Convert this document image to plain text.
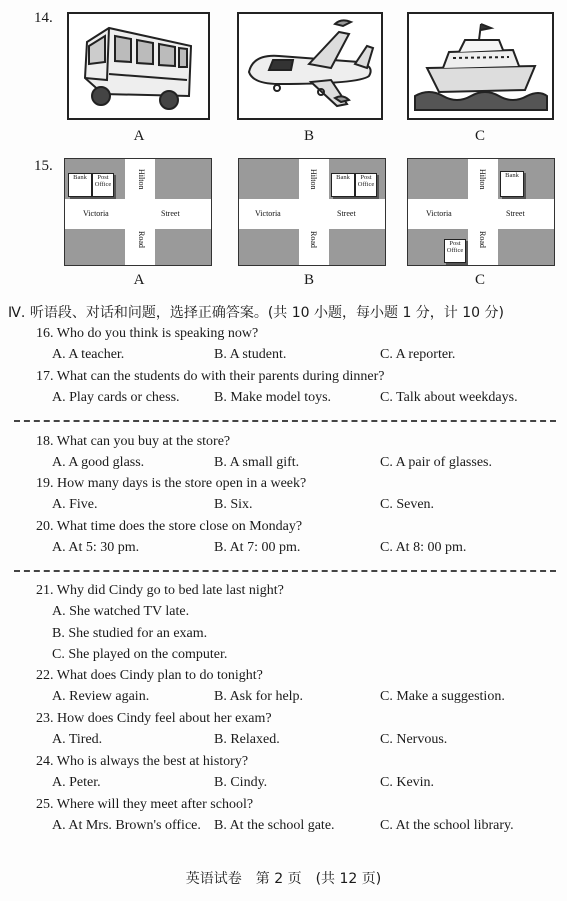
14.
A	B	C
15.
Victoria	Street
Hilton
Road
Bank	Post Office
A
Victoria	Street
Hilton
Road
Bank	Post Office
B
Victoria	Street
Hilton
Road
Bank
Post Office
C
Ⅳ. 听语段、对话和问题，选择正确答案。(共 10 小题，每小题 1 分，计 10 分)
16. Who do you think is speaking now?
A. A teacher.	B. A student.	C. A reporter.
17. What can the students do with their parents during dinner?
A. Play cards or chess. B. Make model toys.	C. Talk about weekdays.
18. What can you buy at the store?
A. A good glass.	B. A small gift.	C. A pair of glasses.
19. How many days is the store open in a week?
A. Five.	B. Six.	C. Seven.
20. What time does the store close on Monday?
A. At 5: 30 pm.	B. At 7: 00 pm.	C. At 8: 00 pm.
21. Why did Cindy go to bed late last night?
A. She watched TV late.
B. She studied for an exam.
C. She played on the computer.
22. What does Cindy plan to do tonight?
A. Review again.	B. Ask for help.	C. Make a suggestion.
23. How does Cindy feel about her exam?
A. Tired.	B. Relaxed.	C. Nervous.
24. Who is always the best at history?
A. Peter.	B. Cindy.	C. Kevin.
25. Where will they meet after school?
A. At Mrs. Brown's office. B. At the school gate.	C. At the school library.
英语试卷　第 2 页　(共 12 页)
